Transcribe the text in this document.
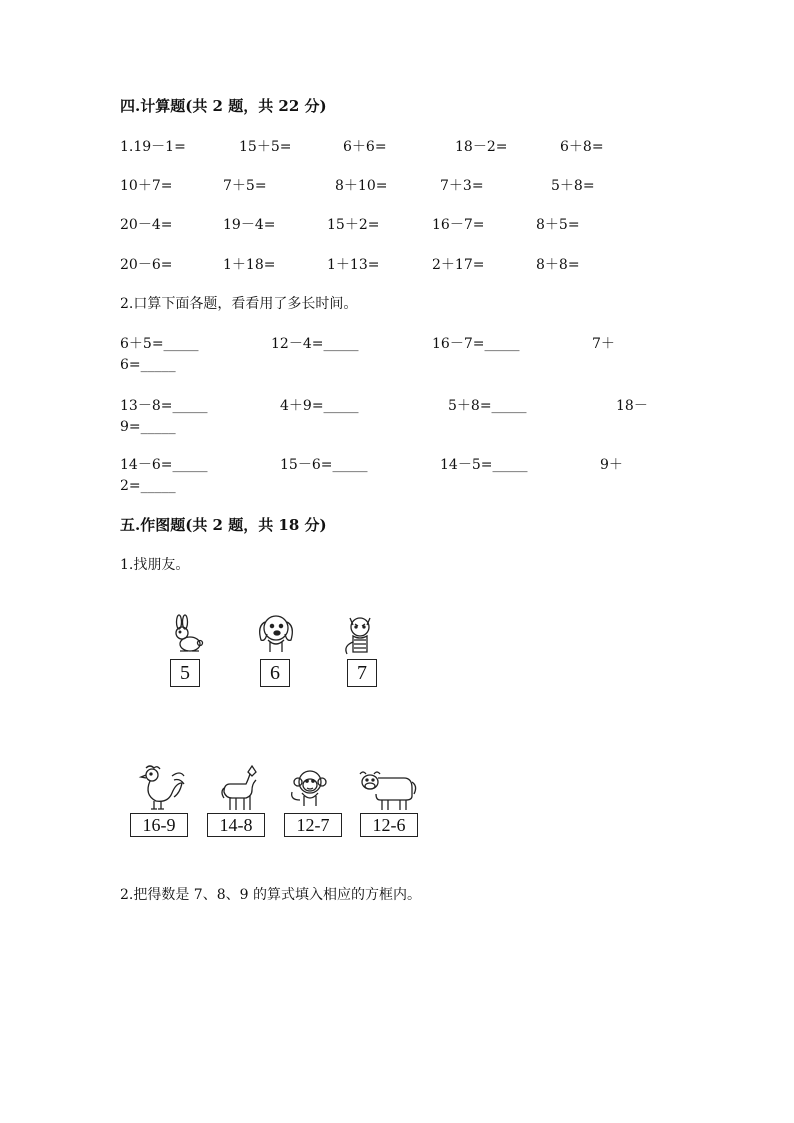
四.计算题(共 2 题，共 22 分)
1.19－1=	15＋5=	6＋6=	18－2=	6＋8=
10＋7=	7＋5=	8＋10=	7＋3=	5＋8=
20－4=	19－4=	15＋2=	16－7=	8＋5=
20－6=	1＋18=	1＋13=	2＋17=	8＋8=
2.口算下面各题，看看用了多长时间。
6＋5=_____	12－4=_____	16－7=_____	7＋
6=_____
13－8=_____	4＋9=_____	5＋8=_____	18－
9=_____
14－6=_____	15－6=_____	14－5=_____	9＋
2=_____
五.作图题(共 2 题，共 18 分)
1.找朋友。
5	6	7
16-9	14-8	12-7	12-6
2.把得数是 7、8、9 的算式填入相应的方框内。
